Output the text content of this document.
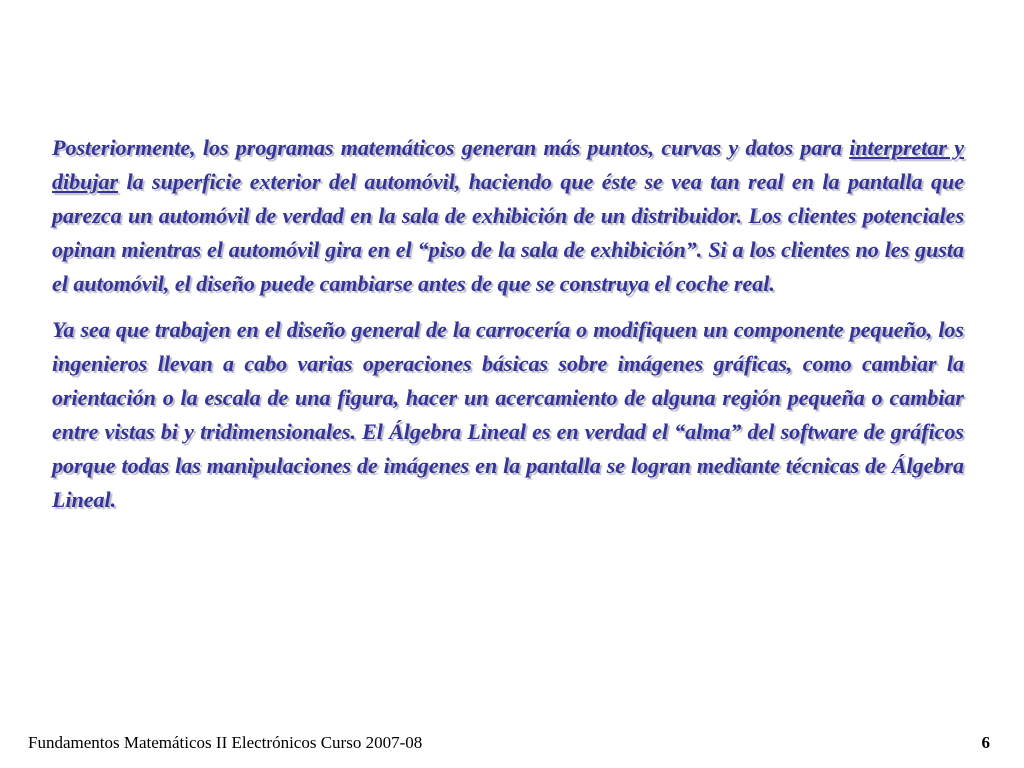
Posteriormente, los programas matemáticos generan más puntos, curvas y datos para interpretar y dibujar la superficie exterior del automóvil, haciendo que éste se vea tan real en la pantalla que parezca un automóvil de verdad en la sala de exhibición de un distribuidor. Los clientes potenciales opinan mientras el automóvil gira en el “piso de la sala de exhibición”. Si a los clientes no les gusta el automóvil, el diseño puede cambiarse antes de que se construya el coche real.

Ya sea que trabajen en el diseño general de la carrocería o modifiquen un componente pequeño, los ingenieros llevan a cabo varias operaciones básicas sobre imágenes gráficas, como cambiar la orientación o la escala de una figura, hacer un acercamiento de alguna región pequeña o cambiar entre vistas bi y tridimensionales. El Álgebra Lineal es en verdad el “alma” del software de gráficos porque todas las manipulaciones de imágenes en la pantalla se logran mediante técnicas de Álgebra Lineal.

Fundamentos Matemáticos II Electrónicos Curso 2007-08	6
